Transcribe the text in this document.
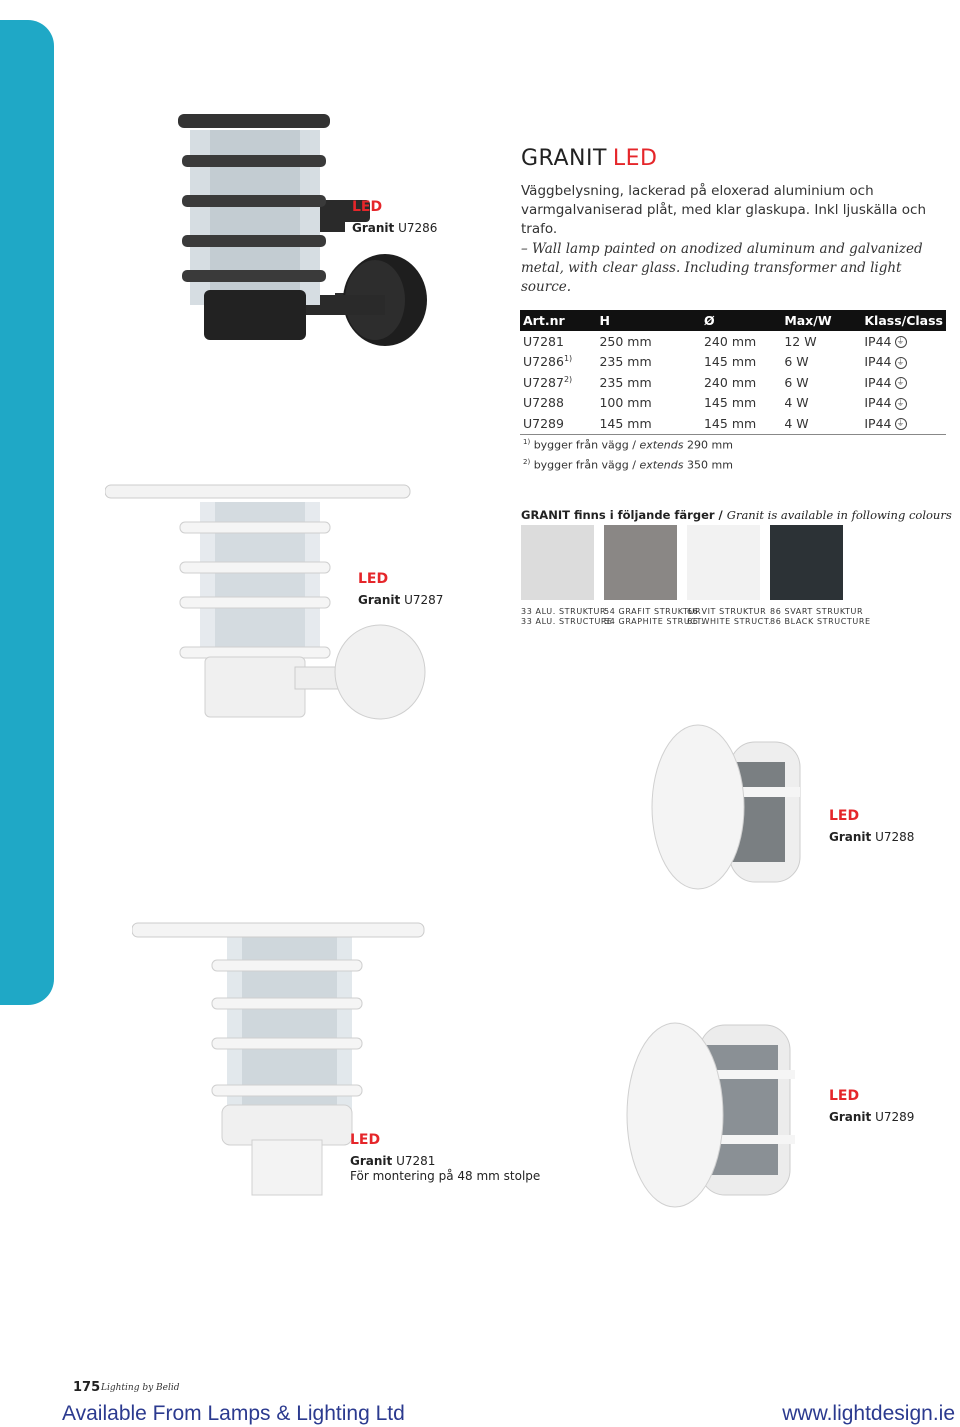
LED
Granit U7286
GRANIT LED
Väggbelysning, lackerad på eloxerad aluminium och varmgalvaniserad plåt, med klar glaskupa. Inkl ljuskälla och trafo.
– Wall lamp painted on anodized aluminum and galvanized metal, with clear glass. Including transformer and light source.
Art.nr	H	Ø	Max/W	Klass/Class
U7281	250 mm	240 mm	12 W	IP44 ⏚
U7286$^{1)}$	235 mm	145 mm	6 W	IP44 ⏚
U7287$^{2)}$	235 mm	240 mm	6 W	IP44 ⏚
U7288	100 mm	145 mm	4 W	IP44 ⏚
U7289	145 mm	145 mm	4 W	IP44 ⏚
$^{1)}$ bygger från vägg / extends 290 mm
$^{2)}$ bygger från vägg / extends 350 mm
LED
Granit U7287
GRANIT finns i följande färger / Granit is available in following colours
33 ALU. STRUKTUR
33 ALU. STRUCTURE
54 GRAFIT STRUKTUR
54 GRAPHITE STRUCT.
66 VIT STRUKTUR
66 WHITE STRUCT.
86 SVART STRUKTUR
86 BLACK STRUCTURE
LED
Granit U7288
LED
Granit U7281
För montering på 48 mm stolpe
LED
Granit U7289
175 Lighting by Belid
Available From Lamps & Lighting Ltd	www.lightdesign.ie
